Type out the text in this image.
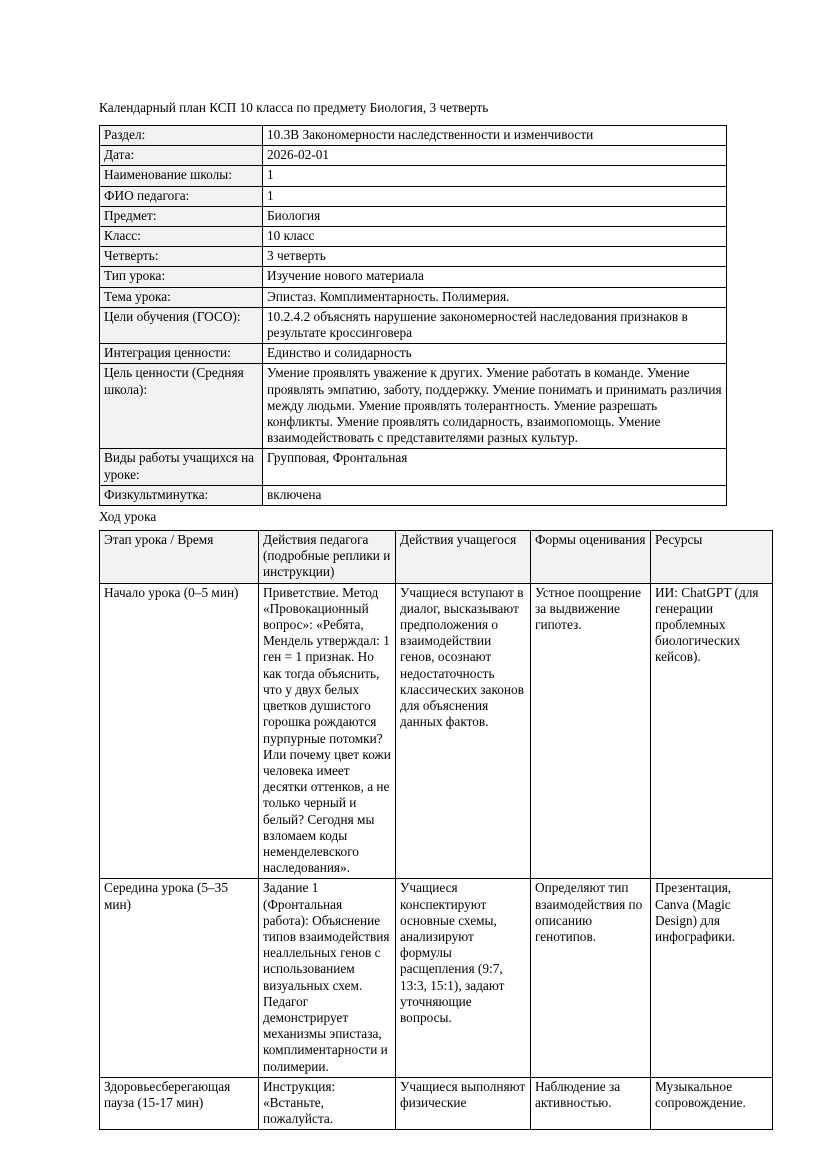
Календарный план КСП 10 класса по предмету Биология, 3 четверть

Раздел:	10.3В Закономерности наследственности и изменчивости
Дата:	2026-02-01
Наименование школы:	1
ФИО педагога:	1
Предмет:	Биология
Класс:	10 класс
Четверть:	3 четверть
Тип урока:	Изучение нового материала
Тема урока:	Эпистаз. Комплиментарность. Полимерия.
Цели обучения (ГОСО):	10.2.4.2 объяснять нарушение закономерностей наследования признаков в результате кроссинговера
Интеграция ценности:	Единство и солидарность
Цель ценности (Средняя школа):	Умение проявлять уважение к других. Умение работать в команде. Умение проявлять эмпатию, заботу, поддержку. Умение понимать и принимать различия между людьми. Умение проявлять толерантность. Умение разрешать конфликты. Умение проявлять солидарность, взаимопомощь. Умение взаимодействовать с представителями разных культур.
Виды работы учащихся на уроке:	Групповая, Фронтальная
Физкультминутка:	включена

Ход урока

Этап урока / Время	Действия педагога (подробные реплики и инструкции)	Действия учащегося	Формы оценивания	Ресурсы
Начало урока (0–5 мин)	Приветствие. Метод «Провокационный вопрос»: «Ребята, Мендель утверждал: 1 ген = 1 признак. Но как тогда объяснить, что у двух белых цветков душистого горошка рождаются пурпурные потомки? Или почему цвет кожи человека имеет десятки оттенков, а не только черный и белый? Сегодня мы взломаем коды неменделевского наследования».	Учащиеся вступают в диалог, высказывают предположения о взаимодействии генов, осознают недостаточность классических законов для объяснения данных фактов.	Устное поощрение за выдвижение гипотез.	ИИ: ChatGPT (для генерации проблемных биологических кейсов).
Середина урока (5–35 мин)	Задание 1 (Фронтальная работа): Объяснение типов взаимодействия неаллельных генов с использованием визуальных схем. Педагог демонстрирует механизмы эпистаза, комплиментарности и полимерии.	Учащиеся конспектируют основные схемы, анализируют формулы расщепления (9:7, 13:3, 15:1), задают уточняющие вопросы.	Определяют тип взаимодействия по описанию генотипов.	Презентация, Canva (Magic Design) для инфографики.
Здоровьесберегающая пауза (15-17 мин)	Инструкция: «Встаньте, пожалуйста.	Учащиеся выполняют физические	Наблюдение за активностью.	Музыкальное сопровождение.
